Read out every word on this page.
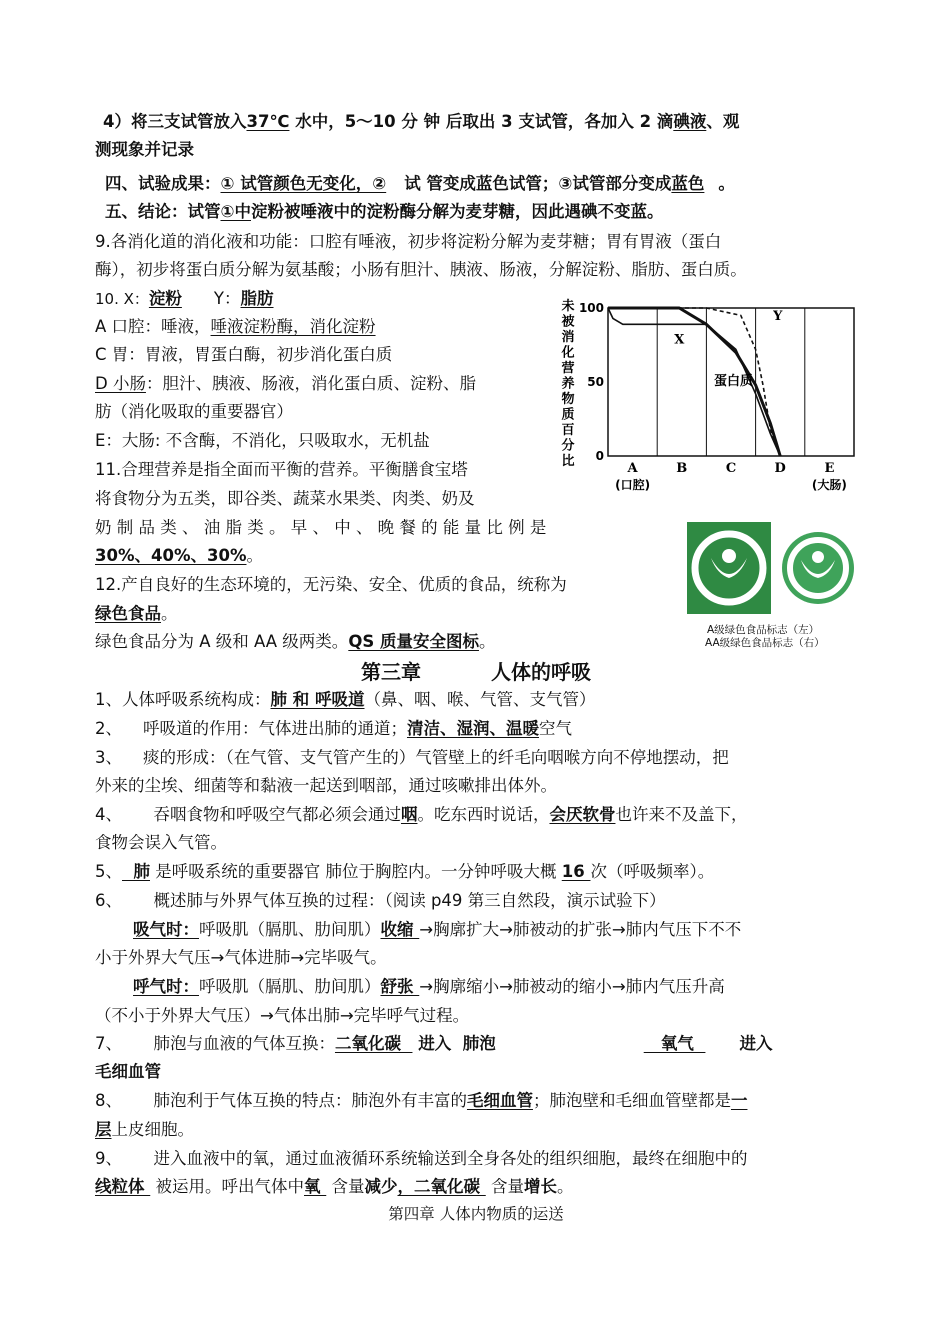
4）将三支试管放入37℃ 水中，5～10 分 钟 后取出 3 支试管，各加入 2 滴碘液、观
测现象并记录
四、试验成果：① 试管颜色无变化，② 试 管变成蓝色试管；③试管部分变成蓝色 。
五、结论：试管①中淀粉被唾液中的淀粉酶分解为麦芽糖，因此遇碘不变蓝。
9.各消化道的消化液和功能：口腔有唾液，初步将淀粉分解为麦芽糖；胃有胃液（蛋白
酶），初步将蛋白质分解为氨基酸；小肠有胆汁、胰液、肠液，分解淀粉、脂肪、蛋白质。
10. X：淀粉 Y：脂肪
A 口腔：唾液，唾液淀粉酶，消化淀粉
C 胃：胃液，胃蛋白酶，初步消化蛋白质
D 小肠：胆汁、胰液、肠液，消化蛋白质、淀粉、脂
肪（消化吸取的重要器官）
E：大肠: 不含酶，不消化，只吸取水，无机盐
11.合理营养是指全面而平衡的营养。平衡膳食宝塔
将食物分为五类，即谷类、蔬菜水果类、肉类、奶及
奶 制 品 类 、 油 脂 类 。 早 、 中 、 晚 餐 的 能 量 比 例 是
30%、40%、30%。
12.产自良好的生态环境的，无污染、安全、优质的食品，统称为
绿色食品。
绿色食品分为 A 级和 AA 级两类。QS 质量安全图标。
第三章	人体的呼吸
1、人体呼吸系统构成：肺 和 呼吸道（鼻、咽、喉、气管、支气管）
2、    呼吸道的作用：气体进出肺的通道；清洁、湿润、温暖空气
3、    痰的形成：（在气管、支气管产生的）气管壁上的纤毛向咽喉方向不停地摆动，把
外来的尘埃、细菌等和黏液一起送到咽部，通过咳嗽排出体外。
4、      吞咽食物和呼吸空气都必须会通过咽。吃东西时说话，会厌软骨也许来不及盖下，
食物会误入气管。
5、  肺 是呼吸系统的重要器官 肺位于胸腔内。一分钟呼吸大概 16 次（呼吸频率）。
6、      概述肺与外界气体互换的过程：（阅读 p49 第三自然段，演示试验下）
吸气时：呼吸肌（膈肌、肋间肌）收缩 →胸廓扩大→肺被动的扩张→肺内气压下不不
小于外界大气压→气体进肺→完毕吸气。
呼气时：呼吸肌（膈肌、肋间肌）舒张 →胸廓缩小→肺被动的缩小→肺内气压升高
（不小于外界大气压）→气体出肺→完毕呼气过程。
7、      肺泡与血液的气体互换：二氧化碳   进入  肺泡	氧气  进入
毛细血管
8、      肺泡利于气体互换的特点：肺泡外有丰富的毛细血管；肺泡壁和毛细血管壁都是一
层上皮细胞。
9、      进入血液中的氧，通过血液循环系统输送到全身各处的组织细胞，最终在细胞中的
线粒体  被运用。呼出气体中氧  含量减少，二氧化碳  含量增长。
第四章 人体内物质的运送
未
被
消
化
营
养
物
质
百
分
比 0
50
100
A
(口腔)
B	C	D	E
(大肠)
X
Y
蛋白质
A级绿色食品标志（左）
AA级绿色食品标志（右）
